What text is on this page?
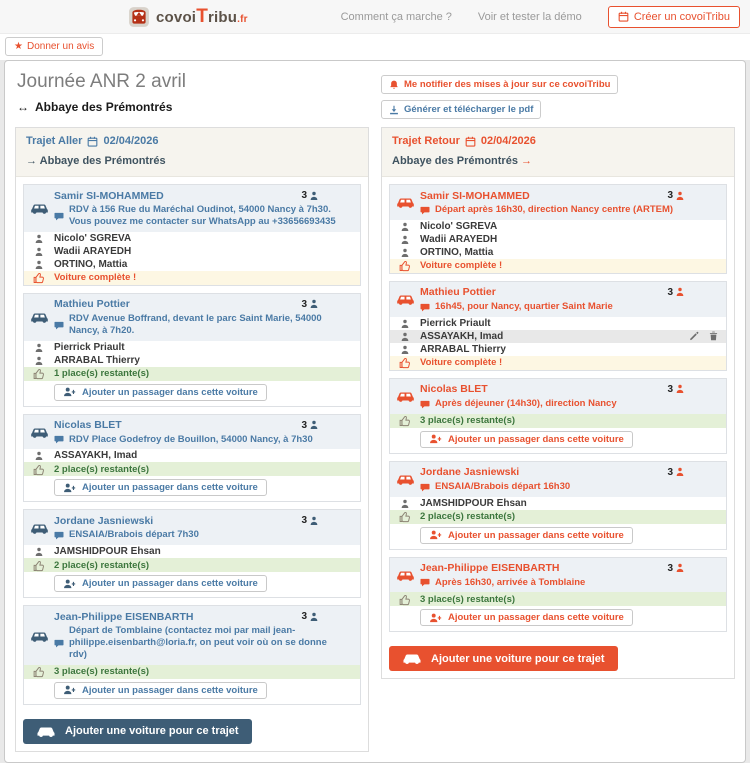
covoiTribu.fr	Comment ça marche ? Voir et tester la démo	Créer un covoiTribu
★ Donner un avis
Journée ANR 2 avril
↔ Abbaye des Prémontrés
Me notifier des mises à jour sur ce covoiTribu
Générer et télécharger le pdf
Trajet Aller 02/04/2026
→ Abbaye des Prémontrés
Samir SI-MOHAMMED	3
RDV à 156 Rue du Maréchal Oudinot, 54000 Nancy à 7h30. Vous pouvez me contacter sur WhatsApp au +33656693435
Nicolo' SGREVA
Wadii ARAYEDH
ORTINO, Mattia
Voiture complète !
Mathieu Pottier	3
RDV Avenue Boffrand, devant le parc Saint Marie, 54000 Nancy, à 7h20.
Pierrick Priault
ARRABAL Thierry
1 place(s) restante(s)
Ajouter un passager dans cette voiture
Nicolas BLET	3
RDV Place Godefroy de Bouillon, 54000 Nancy, à 7h30
ASSAYAKH, Imad
2 place(s) restante(s)
Ajouter un passager dans cette voiture
Jordane Jasniewski	3
ENSAIA/Brabois départ 7h30
JAMSHIDPOUR Ehsan
2 place(s) restante(s)
Ajouter un passager dans cette voiture
Jean-Philippe EISENBARTH	3
Départ de Tomblaine (contactez moi par mail jean-philippe.eisenbarth@loria.fr, on peut voir où on se donne rdv)
3 place(s) restante(s)
Ajouter un passager dans cette voiture
Ajouter une voiture pour ce trajet
Trajet Retour 02/04/2026
Abbaye des Prémontrés →
Samir SI-MOHAMMED	3
Départ après 16h30, direction Nancy centre (ARTEM)
Nicolo' SGREVA
Wadii ARAYEDH
ORTINO, Mattia
Voiture complète !
Mathieu Pottier	3
16h45, pour Nancy, quartier Saint Marie
Pierrick Priault
ASSAYAKH, Imad
ARRABAL Thierry
Voiture complète !
Nicolas BLET	3
Après déjeuner (14h30), direction Nancy
3 place(s) restante(s)
Ajouter un passager dans cette voiture
Jordane Jasniewski	3
ENSAIA/Brabois départ 16h30
JAMSHIDPOUR Ehsan
2 place(s) restante(s)
Ajouter un passager dans cette voiture
Jean-Philippe EISENBARTH	3
Après 16h30, arrivée à Tomblaine
3 place(s) restante(s)
Ajouter un passager dans cette voiture
Ajouter une voiture pour ce trajet
